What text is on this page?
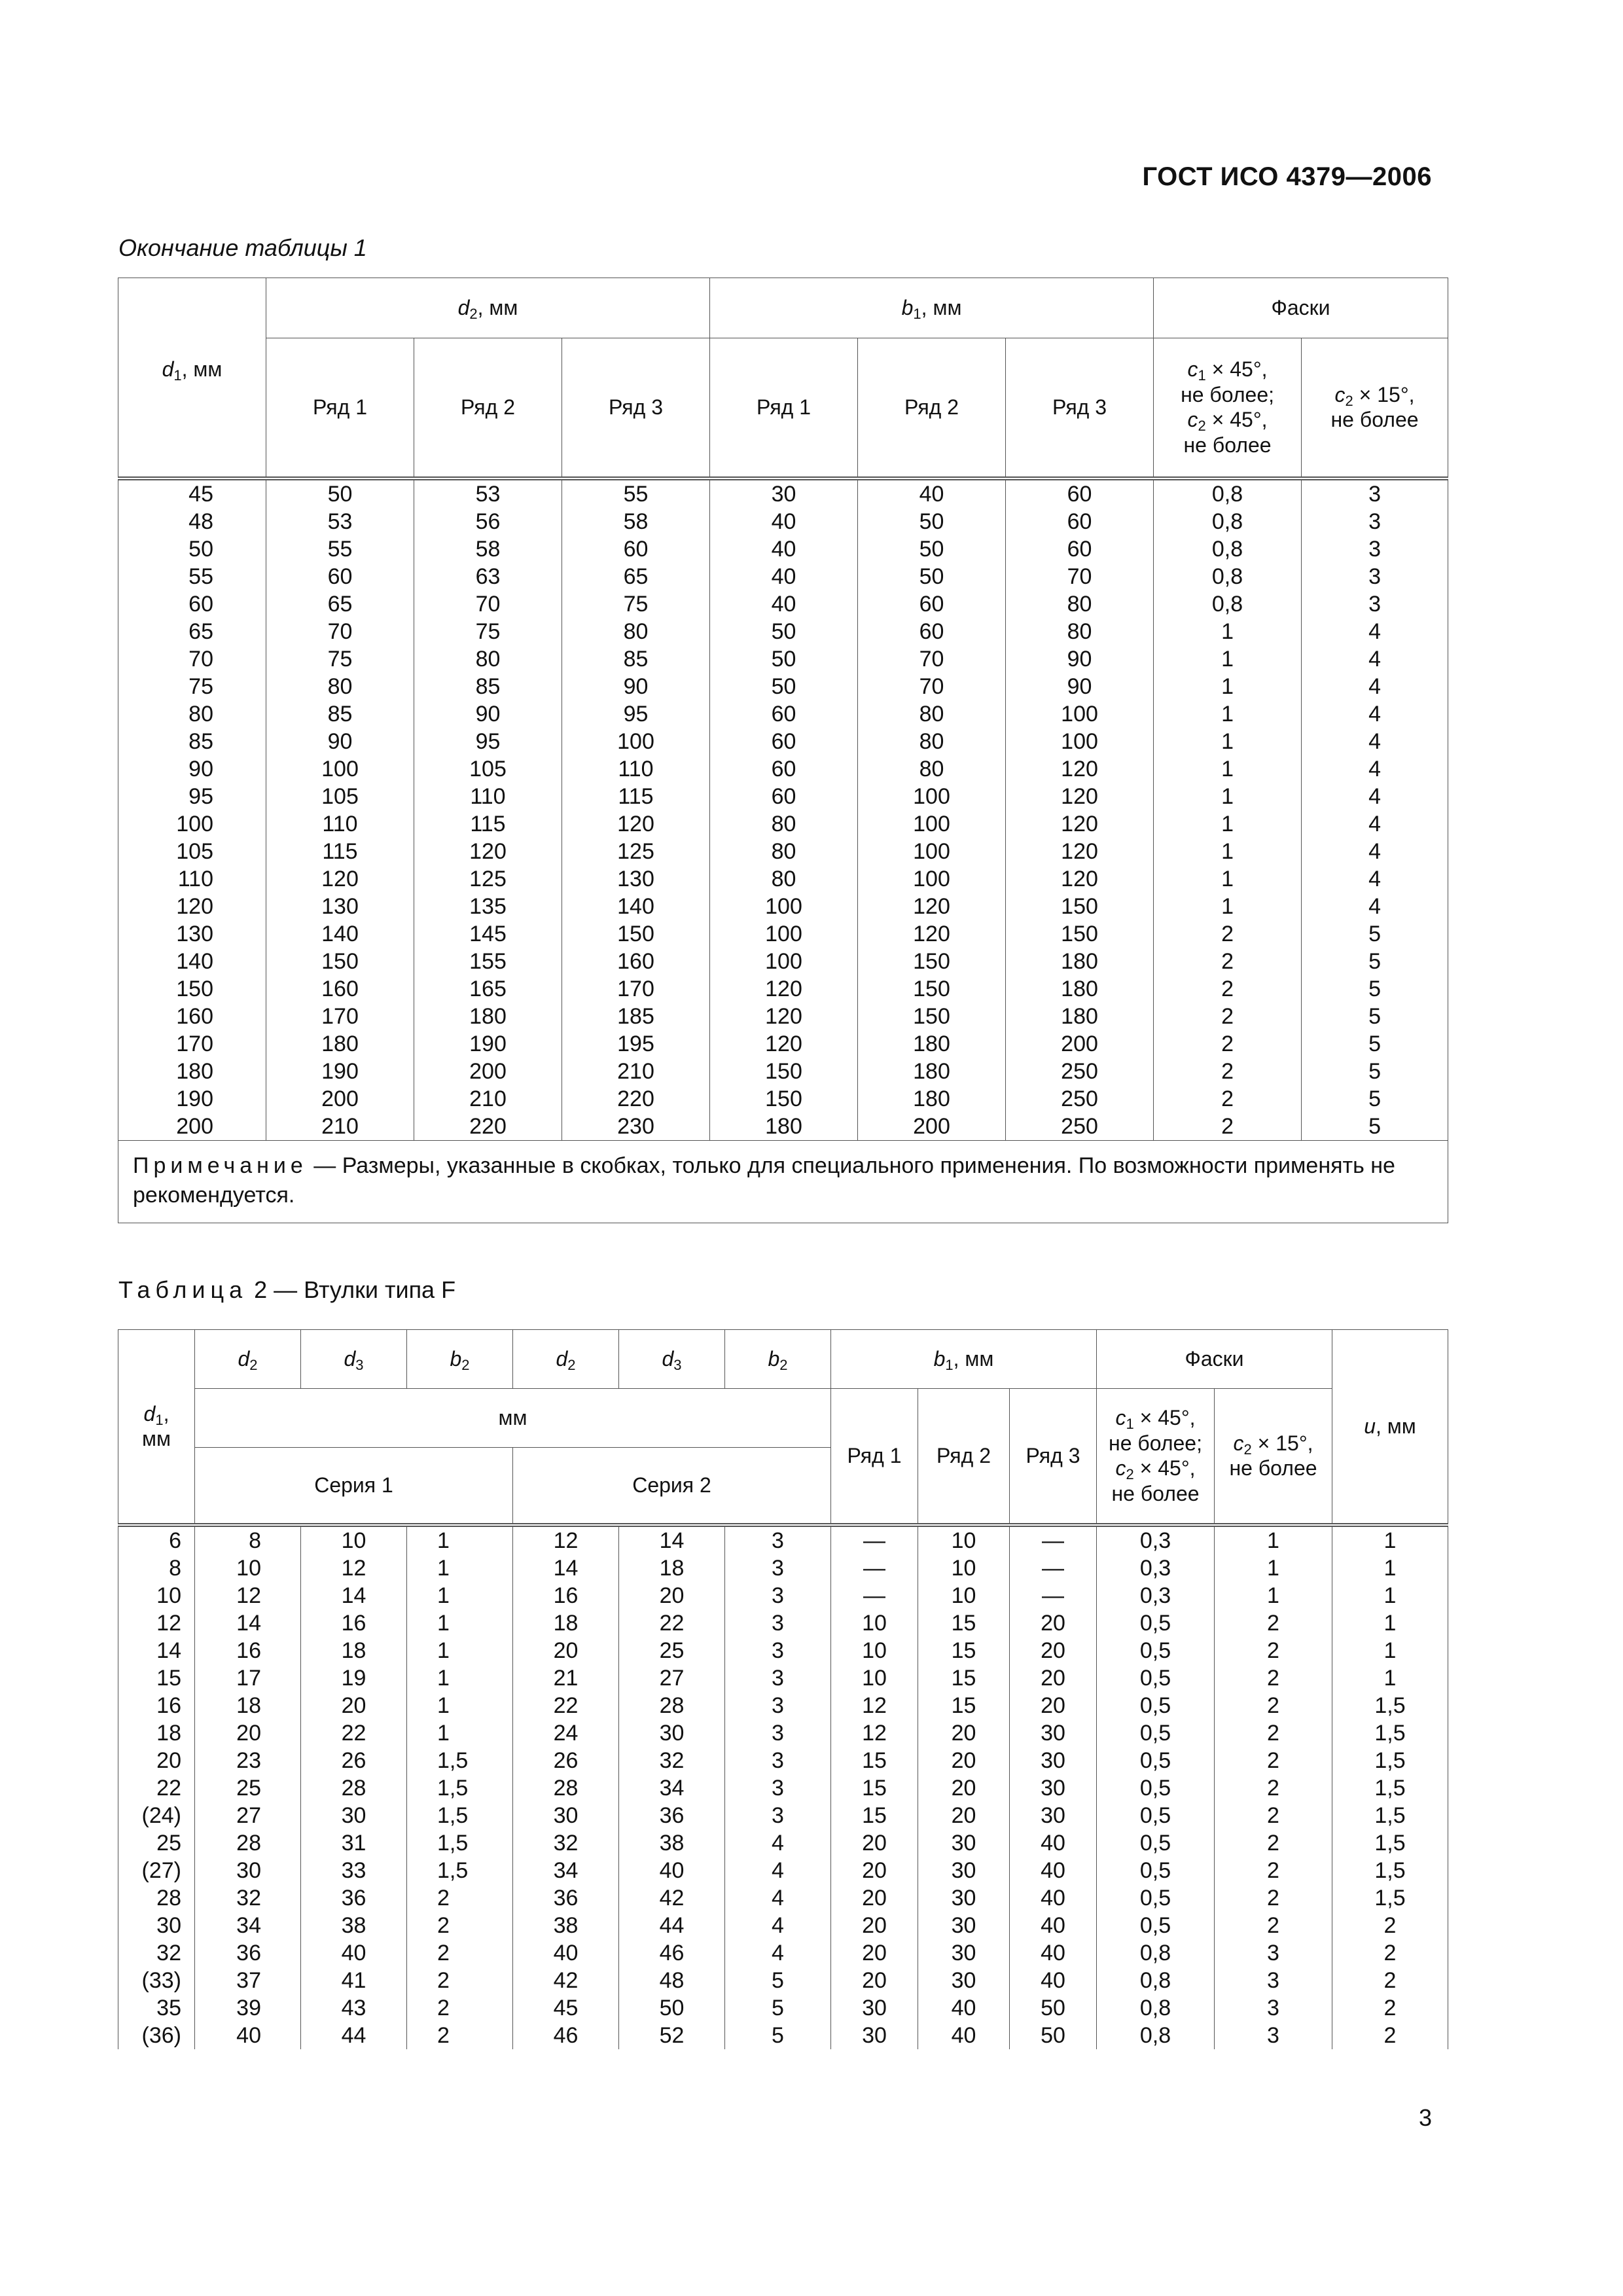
ГОСТ ИСО 4379—2006
Окончание таблицы 1
$d_1$, мм	$d_2$, мм			$b_1$, мм			Фаски	
	Ряд 1	Ряд 2	Ряд 3	Ряд 1	Ряд 2	Ряд 3	$c_1 \times 45^\circ$,
не более;
$c_2 \times 45^\circ$,
не более	$c_2 \times 15^\circ$,
не более

45	50	53	55	30	40	60	0,8	3
48	53	56	58	40	50	60	0,8	3
50	55	58	60	40	50	60	0,8	3
55	60	63	65	40	50	70	0,8	3
60	65	70	75	40	60	80	0,8	3
65	70	75	80	50	60	80	1	4
70	75	80	85	50	70	90	1	4
75	80	85	90	50	70	90	1	4
80	85	90	95	60	80	100	1	4
85	90	95	100	60	80	100	1	4
90	100	105	110	60	80	120	1	4
95	105	110	115	60	100	120	1	4
100	110	115	120	80	100	120	1	4
105	115	120	125	80	100	120	1	4
110	120	125	130	80	100	120	1	4
120	130	135	140	100	120	150	1	4
130	140	145	150	100	120	150	2	5
140	150	155	160	100	150	180	2	5
150	160	165	170	120	150	180	2	5
160	170	180	185	120	150	180	2	5
170	180	190	195	120	180	200	2	5
180	190	200	210	150	180	250	2	5
190	200	210	220	150	180	250	2	5
200	210	220	230	180	200	250	2	5
Примечание — Размеры, указанные в скобках, только для специального применения. По возможности применять не рекомендуется.								
Таблица 2 — Втулки типа F
$d_1$,
мм	$d_2$	$d_3$	$b_2$	$d_2$	$d_3$	$b_2$	$b_1$, мм			Фаски		u, мм
	мм						Ряд 1	Ряд 2	Ряд 3	$c_1 \times 45^\circ$,
не более;
$c_2 \times 45^\circ$,
не более	$c_2 \times 15^\circ$,
не более	
	Серия 1			Серия 2								

6	8	10	1	12	14	3	—	10	—	0,3	1	1
8	10	12	1	14	18	3	—	10	—	0,3	1	1
10	12	14	1	16	20	3	—	10	—	0,3	1	1
12	14	16	1	18	22	3	10	15	20	0,5	2	1
14	16	18	1	20	25	3	10	15	20	0,5	2	1
15	17	19	1	21	27	3	10	15	20	0,5	2	1
16	18	20	1	22	28	3	12	15	20	0,5	2	1,5
18	20	22	1	24	30	3	12	20	30	0,5	2	1,5
20	23	26	1,5	26	32	3	15	20	30	0,5	2	1,5
22	25	28	1,5	28	34	3	15	20	30	0,5	2	1,5
(24)	27	30	1,5	30	36	3	15	20	30	0,5	2	1,5
25	28	31	1,5	32	38	4	20	30	40	0,5	2	1,5
(27)	30	33	1,5	34	40	4	20	30	40	0,5	2	1,5
28	32	36	2	36	42	4	20	30	40	0,5	2	1,5
30	34	38	2	38	44	4	20	30	40	0,5	2	2
32	36	40	2	40	46	4	20	30	40	0,8	3	2
(33)	37	41	2	42	48	5	20	30	40	0,8	3	2
35	39	43	2	45	50	5	30	40	50	0,8	3	2
(36)	40	44	2	46	52	5	30	40	50	0,8	3	2
3
